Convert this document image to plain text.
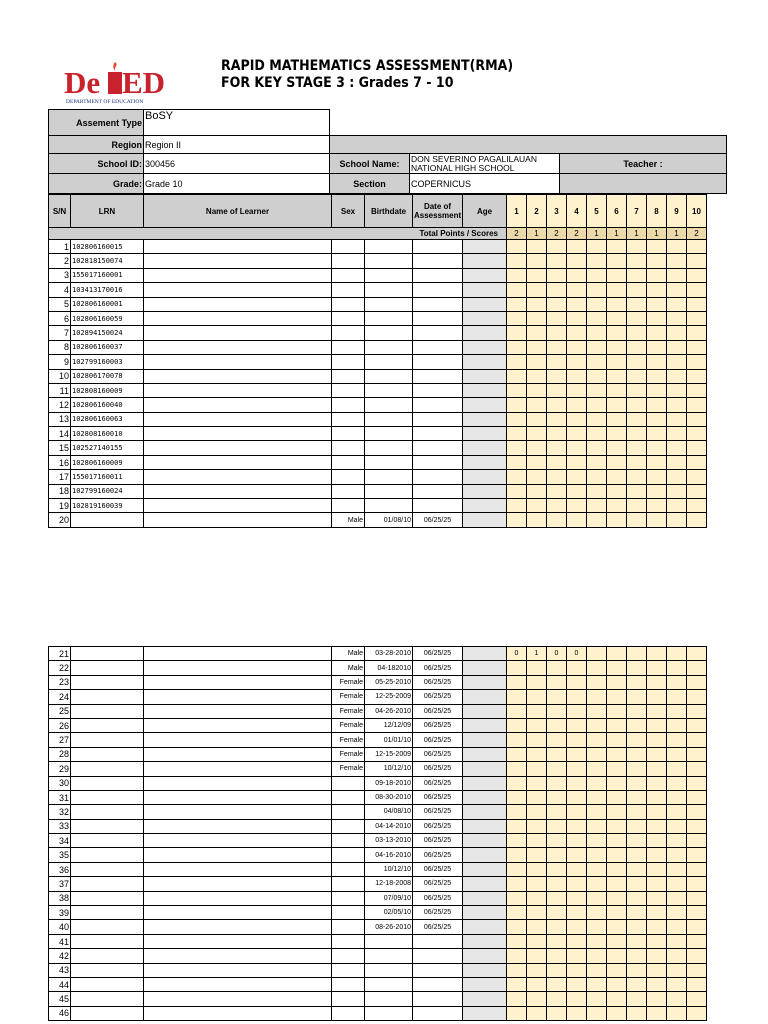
De ED
DEPARTMENT OF EDUCATION
RAPID MATHEMATICS ASSESSMENT(RMA)
FOR KEY STAGE 3 : Grades 7 - 10
Assement Type	BoSY			
Region	Region II			
School ID:	300456	School Name:	DON SEVERINO PAGALILAUAN
NATIONAL HIGH SCHOOL	Teacher :
Grade:	Grade 10	Section	COPERNICUS	
S/N	LRN	Name of Learner	Sex	Birthdate	Date of Assessment	Age	1	2	3	4	5	6	7	8	9	10
Total Points / Scores							2	1	2	2	1	1	1	1	1	2
1	102806160015															
2	102818150074															
3	155017160001															
4	103413170016															
5	102806160001															
6	102806160059															
7	102894150024															
8	102806160037															
9	102799160003															
10	102806170078															
11	102808160009															
12	102806160040															
13	102806160063															
14	102808160010															
15	102527140155															
16	102806160009															
17	155017160011															
18	102799160024															
19	102819160039															
20			Male	01/08/10	06/25/25											
21			Male	03-28-2010	06/25/25		0	1	0	0						
22			Male	04-182010	06/25/25											
23			Female	05-25-2010	06/25/25											
24			Female	12-25-2009	06/25/25											
25			Female	04-26-2010	06/25/25											
26			Female	12/12/09	06/25/25											
27			Female	01/01/10	06/25/25											
28			Female	12-15-2009	06/25/25											
29			Female	10/12/10	06/25/25											
30				09-18-2010	06/25/25											
31				08-30-2010	06/25/25											
32				04/08/10	06/25/25											
33				04-14-2010	06/25/25											
34				03-13-2010	06/25/25											
35				04-16-2010	06/25/25											
36				10/12/10	06/25/25											
37				12-18-2008	06/25/25											
38				07/09/10	06/25/25											
39				02/05/10	06/25/25											
40				08-26-2010	06/25/25											
41																
42																
43																
44																
45																
46																
